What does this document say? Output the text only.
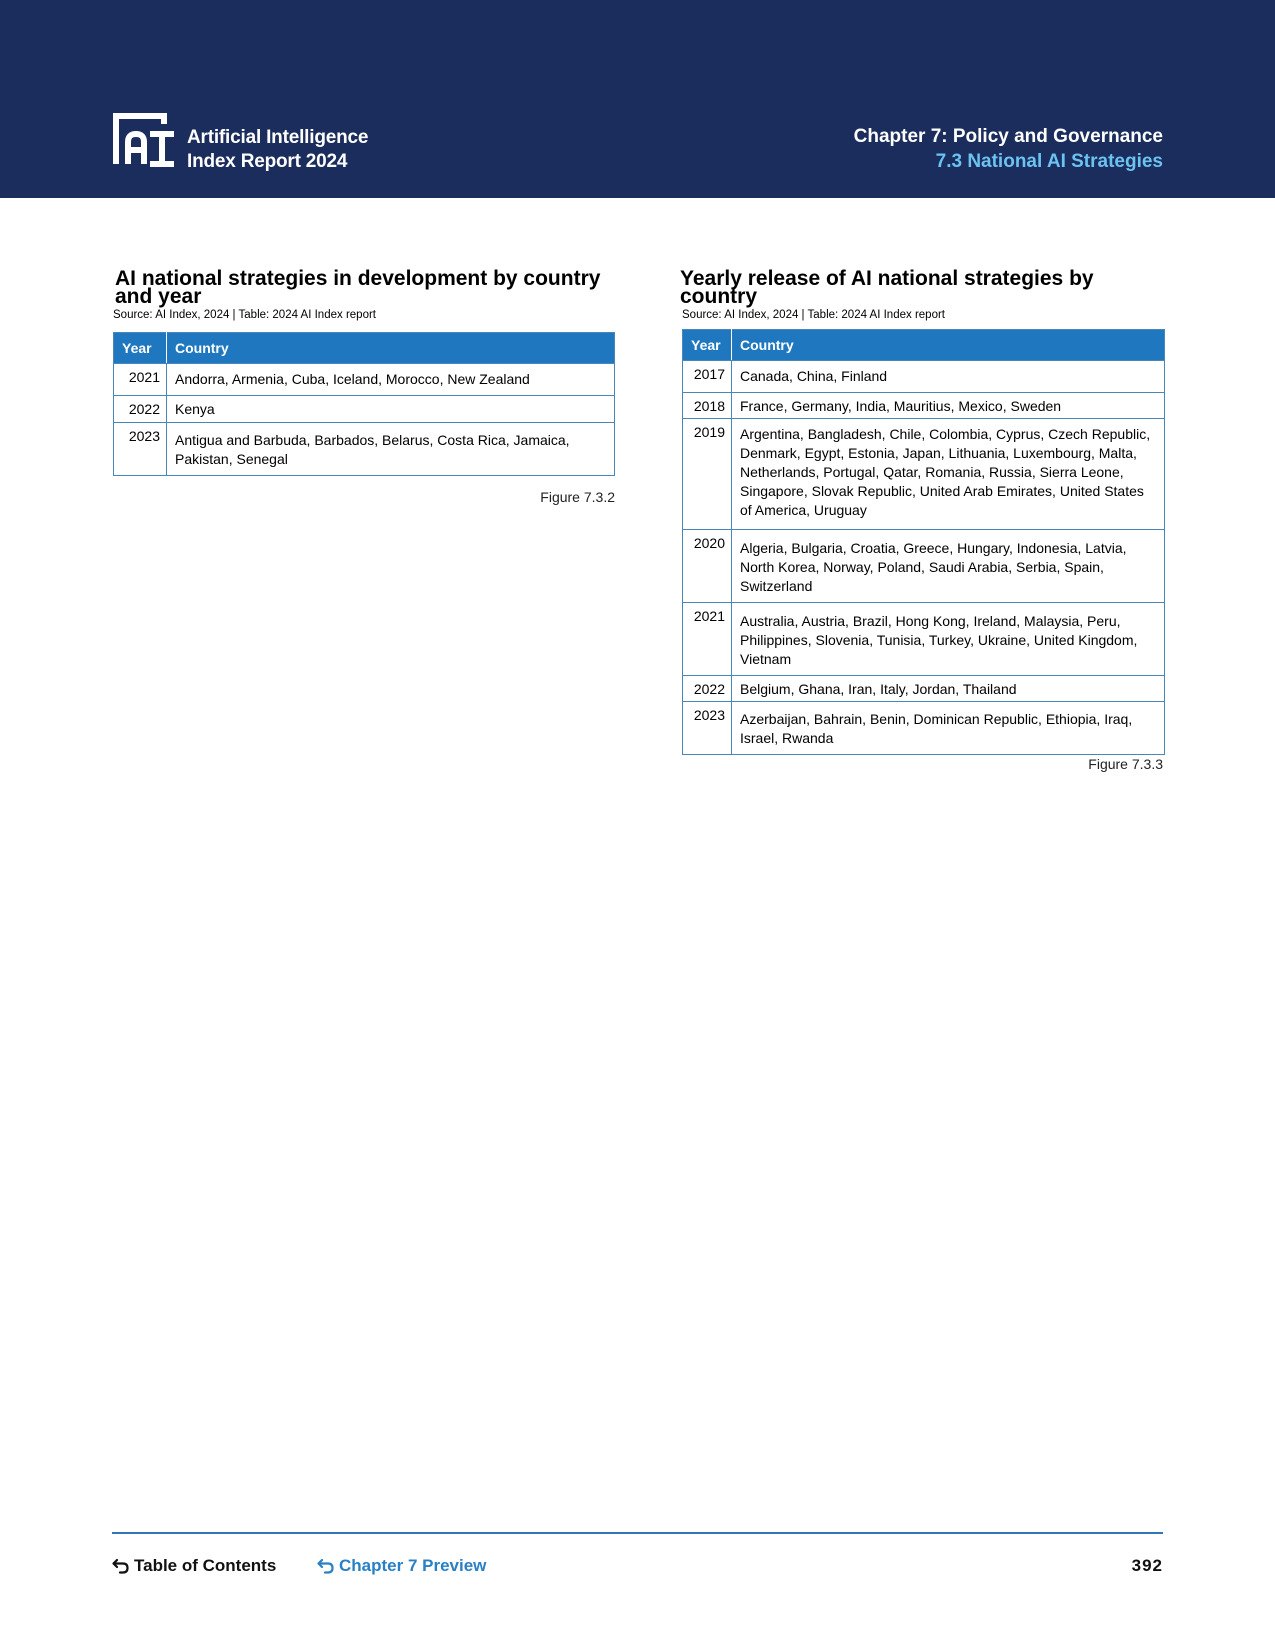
Artificial Intelligence
Index Report 2024
Chapter 7: Policy and Governance
7.3 National AI Strategies
AI national strategies in development by country and year
Source: AI Index, 2024 | Table: 2024 AI Index report
Year	Country

2021	Andorra, Armenia, Cuba, Iceland, Morocco, New Zealand
2022	Kenya
2023	Antigua and Barbuda, Barbados, Belarus, Costa Rica, Jamaica, Pakistan, Senegal
Figure 7.3.2
Yearly release of AI national strategies by country
Source: AI Index, 2024 | Table: 2024 AI Index report
Year	Country

2017	Canada, China, Finland
2018	France, Germany, India, Mauritius, Mexico, Sweden
2019	Argentina, Bangladesh, Chile, Colombia, Cyprus, Czech Republic, Denmark, Egypt, Estonia, Japan, Lithuania, Luxembourg, Malta, Netherlands, Portugal, Qatar, Romania, Russia, Sierra Leone, Singapore, Slovak Republic, United Arab Emirates, United States of America, Uruguay
2020	Algeria, Bulgaria, Croatia, Greece, Hungary, Indonesia, Latvia, North Korea, Norway, Poland, Saudi Arabia, Serbia, Spain, Switzerland
2021	Australia, Austria, Brazil, Hong Kong, Ireland, Malaysia, Peru, Philippines, Slovenia, Tunisia, Turkey, Ukraine, United Kingdom, Vietnam
2022	Belgium, Ghana, Iran, Italy, Jordan, Thailand
2023	Azerbaijan, Bahrain, Benin, Dominican Republic, Ethiopia, Iraq, Israel, Rwanda
Figure 7.3.3
Table of Contents	Chapter 7 Preview	392
